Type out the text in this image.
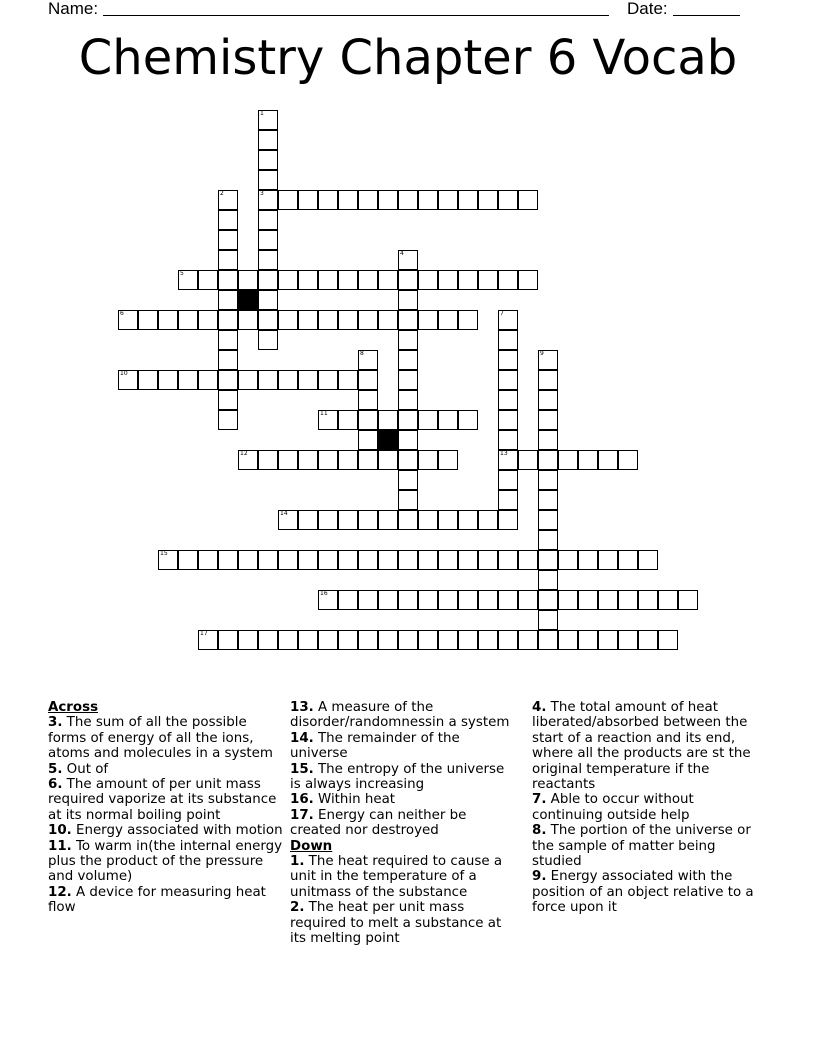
Name:	Date:
Chemistry Chapter 6 Vocab
1
3
2
4
5
6	7
13
8	9
10
11
12
14
15
16
17
Across
3. The sum of all the possible forms of energy of all the ions, atoms and molecules in a system
5. Out of
6. The amount of per unit mass required vaporize at its substance at its normal boiling point
10. Energy associated with motion
11. To warm in(the internal energy plus the product of the pressure and volume)
12. A device for measuring heat flow
13. A measure of the disorder/randomnessin a system
14. The remainder of the universe
15. The entropy of the universe is always increasing
16. Within heat
17. Energy can neither be created nor destroyed
Down
1. The heat required to cause a unit in the temperature of a unitmass of the substance
2. The heat per unit mass required to melt a substance at its melting point
4. The total amount of heat liberated/absorbed between the start of a reaction and its end, where all the products are st the original temperature if the reactants
7. Able to occur without continuing outside help
8. The portion of the universe or the sample of matter being studied
9. Energy associated with the position of an object relative to a force upon it
